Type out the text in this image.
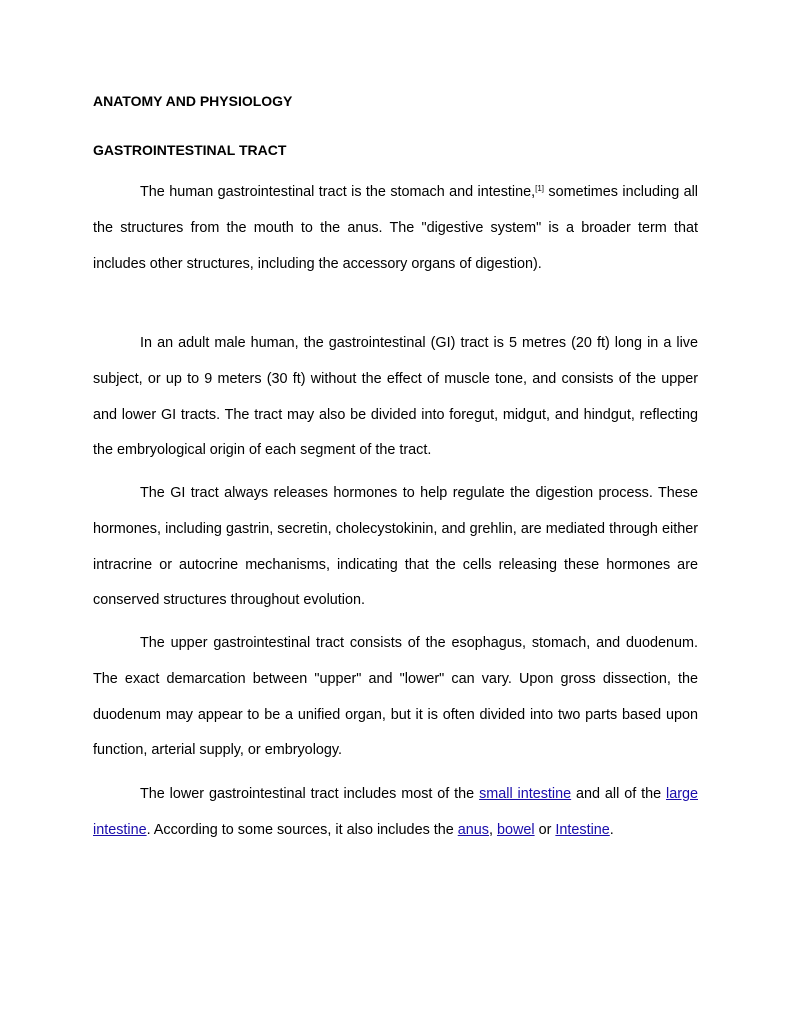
ANATOMY AND PHYSIOLOGY
GASTROINTESTINAL TRACT

The human gastrointestinal tract is the stomach and intestine,[1] sometimes including all the structures from the mouth to the anus. The "digestive system" is a broader term that includes other structures, including the accessory organs of digestion).

In an adult male human, the gastrointestinal (GI) tract is 5 metres (20 ft) long in a live subject, or up to 9 meters (30 ft) without the effect of muscle tone, and consists of the upper and lower GI tracts. The tract may also be divided into foregut, midgut, and hindgut, reflecting the embryological origin of each segment of the tract.

The GI tract always releases hormones to help regulate the digestion process. These hormones, including gastrin, secretin, cholecystokinin, and grehlin, are mediated through either intracrine or autocrine mechanisms, indicating that the cells releasing these hormones are conserved structures throughout evolution.

The upper gastrointestinal tract consists of the esophagus, stomach, and duodenum. The exact demarcation between "upper" and "lower" can vary. Upon gross dissection, the duodenum may appear to be a unified organ, but it is often divided into two parts based upon function, arterial supply, or embryology.

The lower gastrointestinal tract includes most of the small intestine and all of the large intestine. According to some sources, it also includes the anus, bowel or Intestine.
